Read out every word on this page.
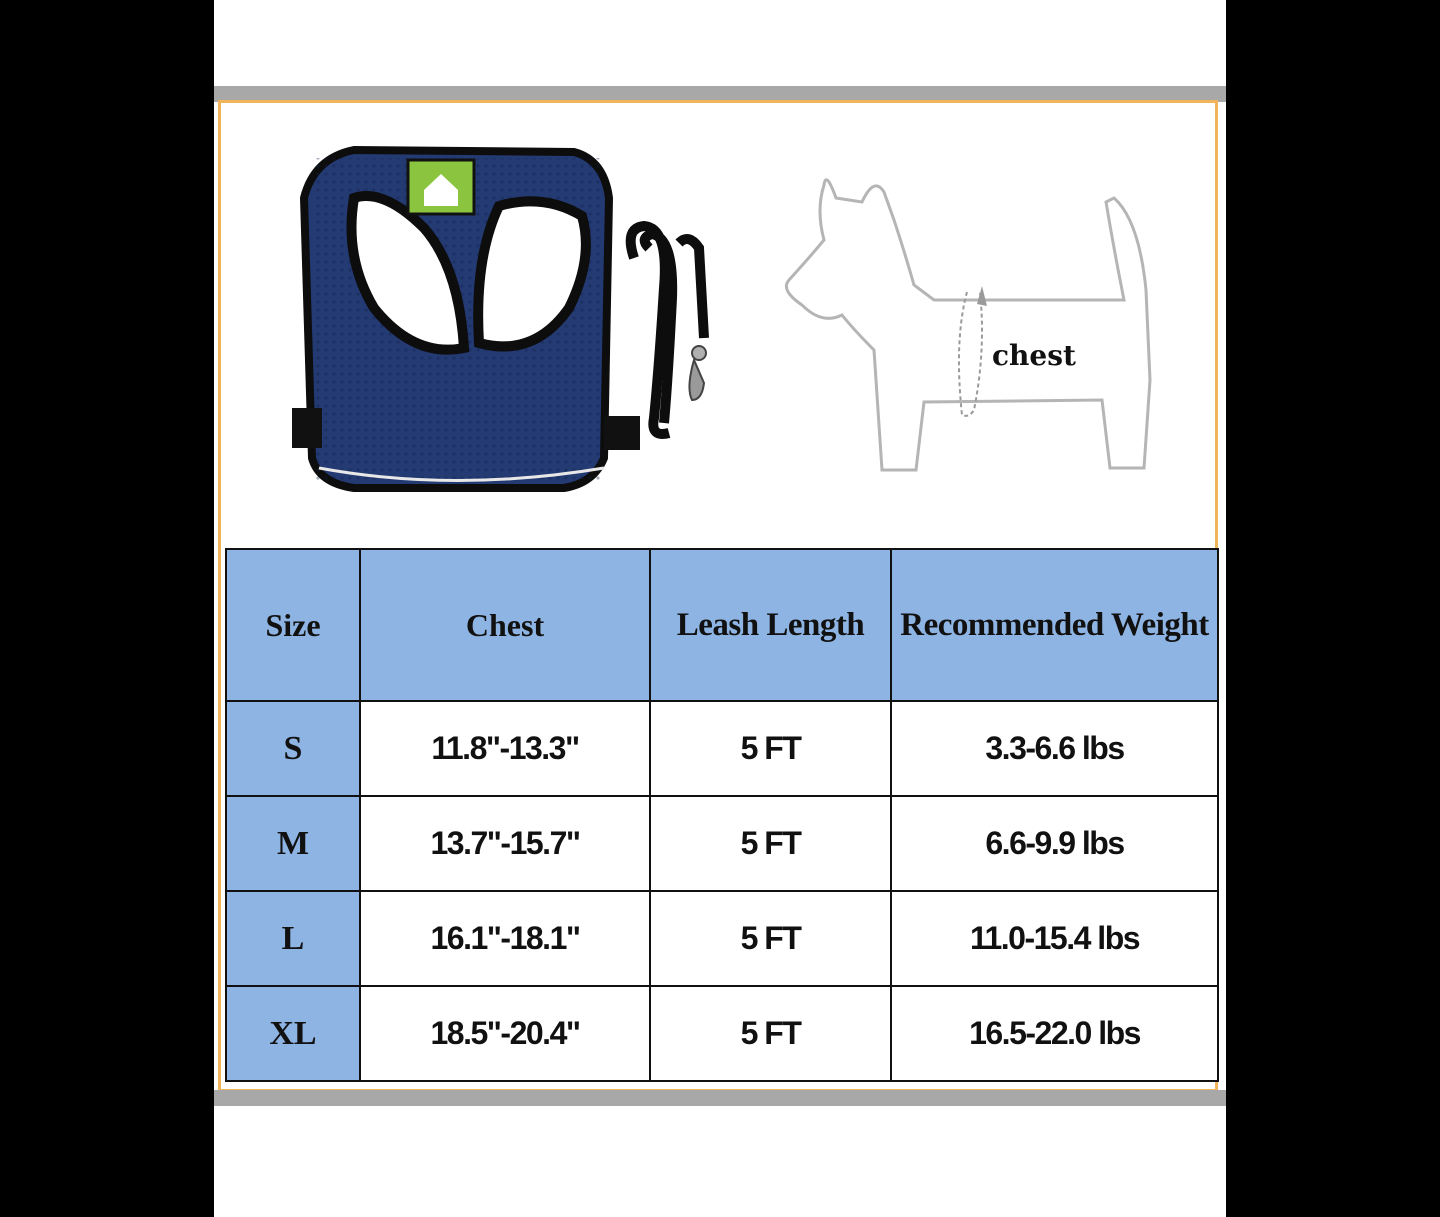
chest
Size	Chest	Leash Length	Recommended Weight
S	11.8"-13.3"	5 FT	3.3-6.6 lbs
M	13.7"-15.7"	5 FT	6.6-9.9 lbs
L	16.1"-18.1"	5 FT	11.0-15.4 lbs
XL	18.5"-20.4"	5 FT	16.5-22.0 lbs
